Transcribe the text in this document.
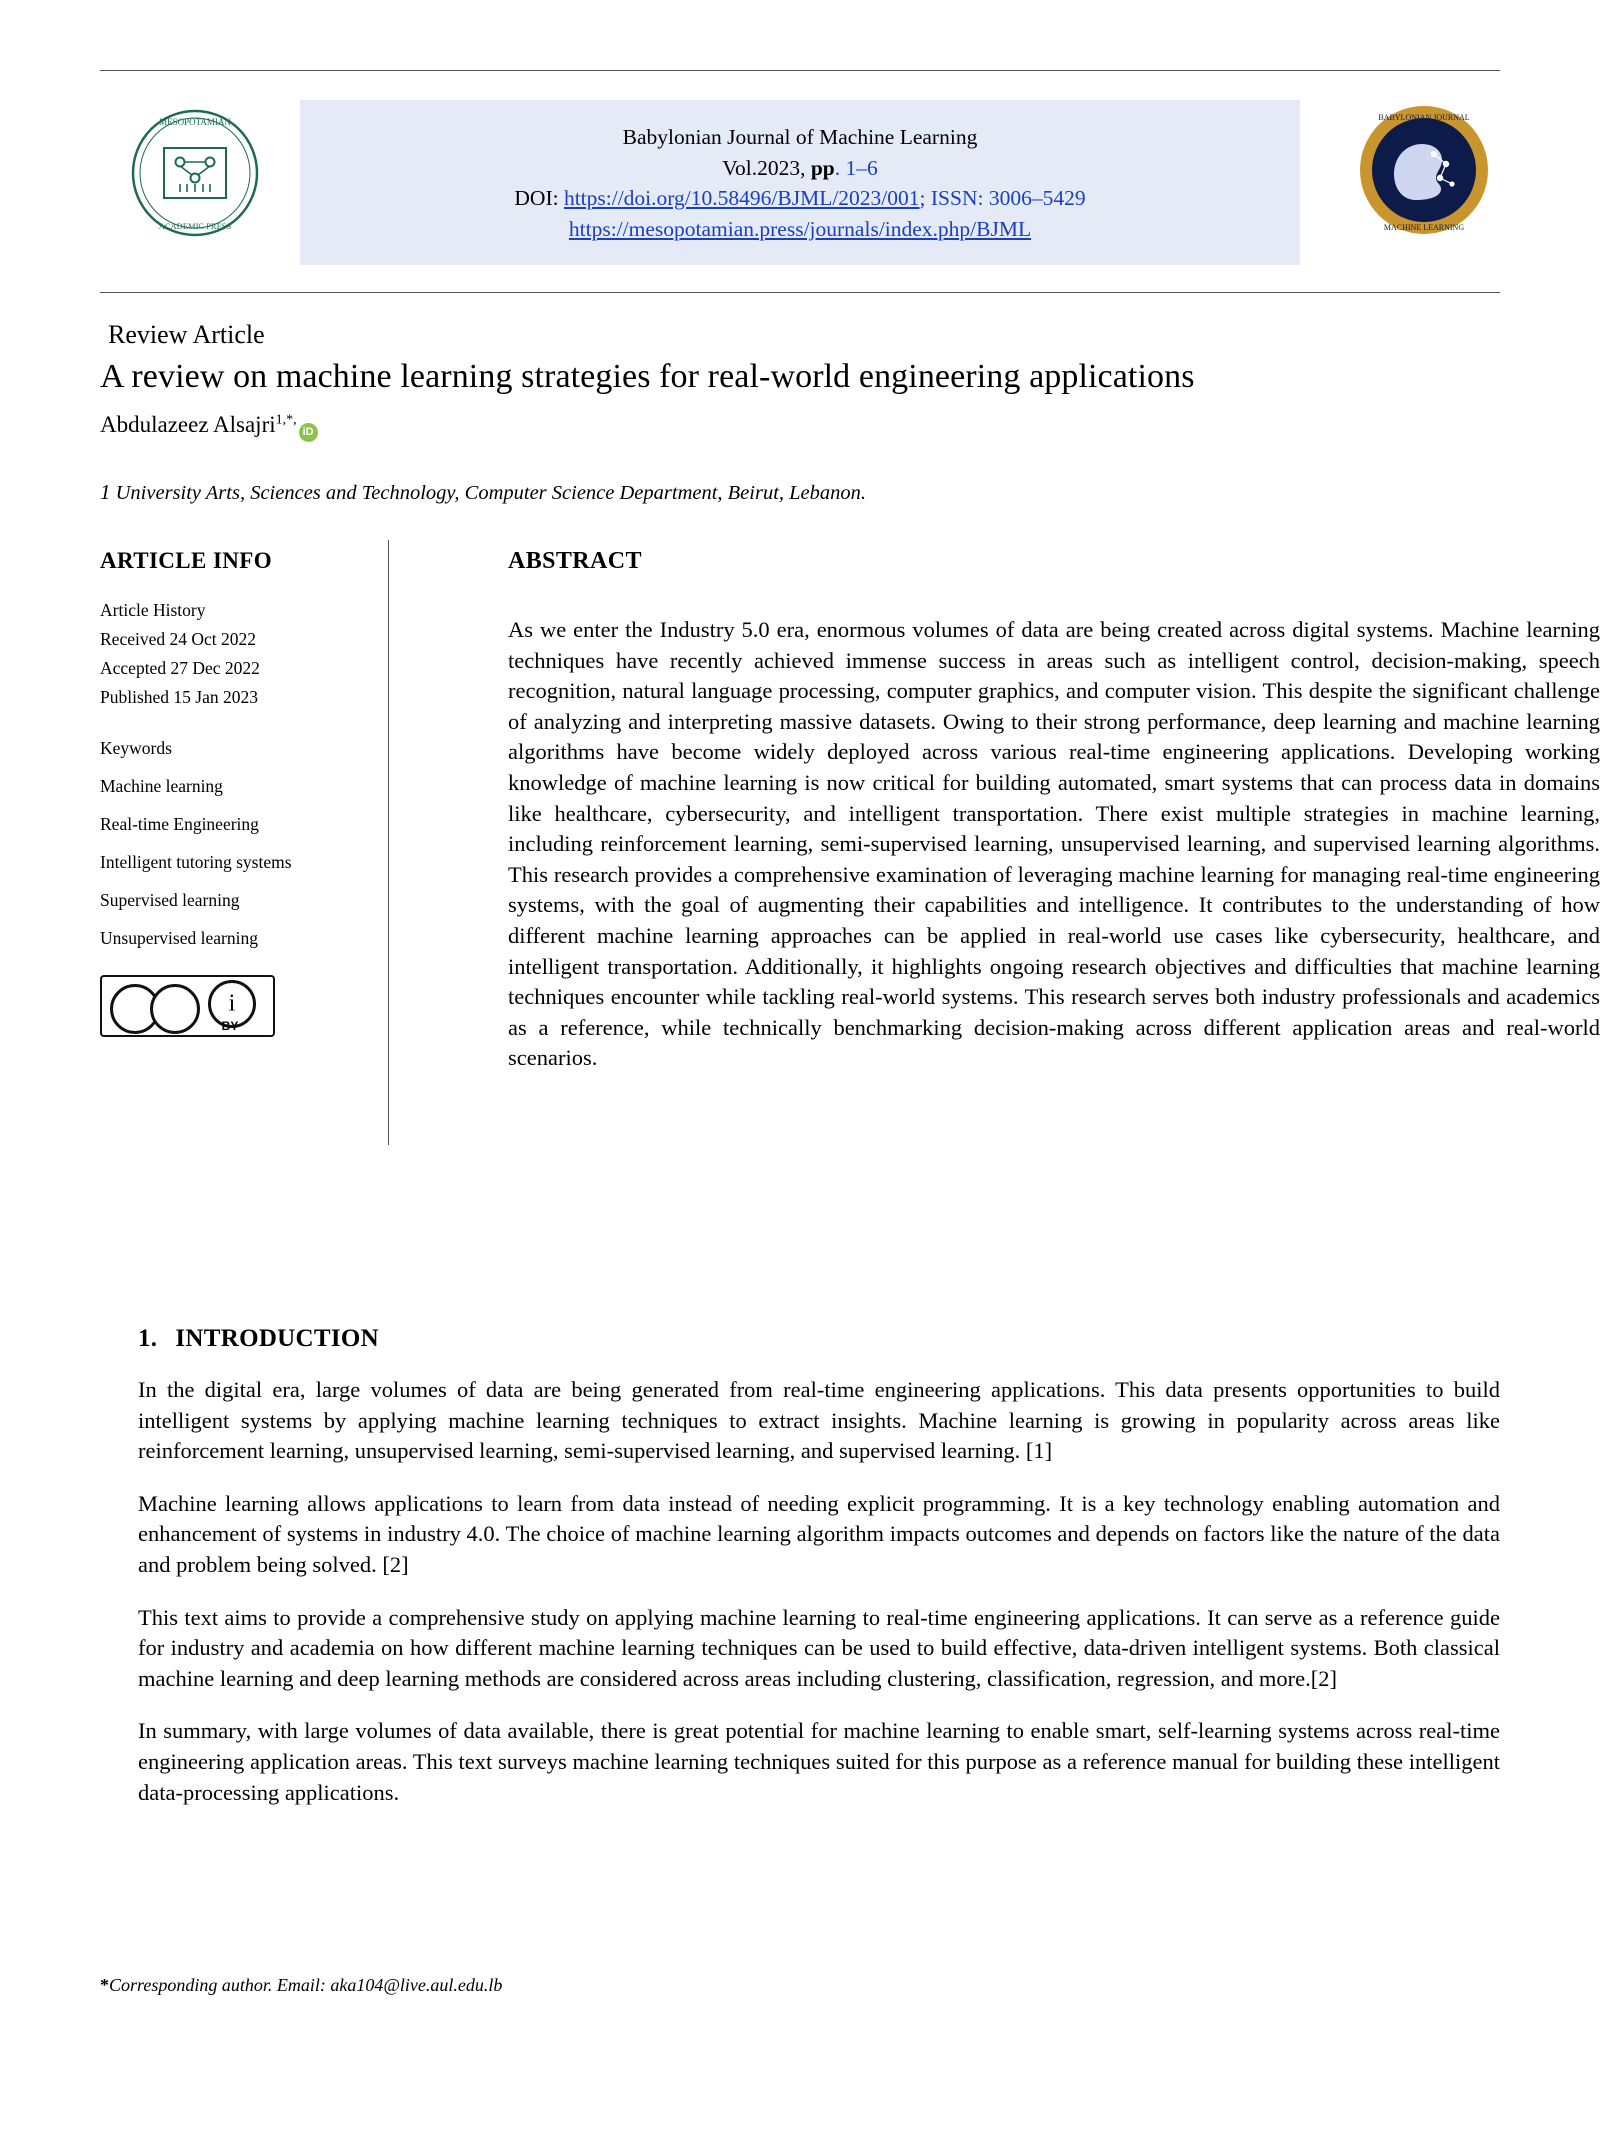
MESOPOTAMIAN
ACADEMIC PRESS
Babylonian Journal of Machine Learning
Vol.2023, pp. 1–6
DOI: https://doi.org/10.58496/BJML/2023/001; ISSN: 3006–5429
https://mesopotamian.press/journals/index.php/BJML
BABYLONIAN JOURNAL
MACHINE LEARNING
Review Article
A review on machine learning strategies for real-world engineering applications
Abdulazeez Alsajri$^{1,*,}$iD
1 University Arts, Sciences and Technology, Computer Science Department, Beirut, Lebanon.
ARTICLE INFO
Article History
Received 24 Oct 2022
Accepted 27 Dec 2022
Published 15 Jan 2023
Keywords
Machine learning
Real-time Engineering
Intelligent tutoring systems
Supervised learning
Unsupervised learning
i
BY
ABSTRACT
As we enter the Industry 5.0 era, enormous volumes of data are being created across digital systems. Machine learning techniques have recently achieved immense success in areas such as intelligent control, decision-making, speech recognition, natural language processing, computer graphics, and computer vision. This despite the significant challenge of analyzing and interpreting massive datasets. Owing to their strong performance, deep learning and machine learning algorithms have become widely deployed across various real-time engineering applications. Developing working knowledge of machine learning is now critical for building automated, smart systems that can process data in domains like healthcare, cybersecurity, and intelligent transportation. There exist multiple strategies in machine learning, including reinforcement learning, semi-supervised learning, unsupervised learning, and supervised learning algorithms. This research provides a comprehensive examination of leveraging machine learning for managing real-time engineering systems, with the goal of augmenting their capabilities and intelligence. It contributes to the understanding of how different machine learning approaches can be applied in real-world use cases like cybersecurity, healthcare, and intelligent transportation. Additionally, it highlights ongoing research objectives and difficulties that machine learning techniques encounter while tackling real-world systems. This research serves both industry professionals and academics as a reference, while technically benchmarking decision-making across different application areas and real-world scenarios.
1. INTRODUCTION

In the digital era, large volumes of data are being generated from real-time engineering applications. This data presents opportunities to build intelligent systems by applying machine learning techniques to extract insights. Machine learning is growing in popularity across areas like reinforcement learning, unsupervised learning, semi-supervised learning, and supervised learning. [1]

Machine learning allows applications to learn from data instead of needing explicit programming. It is a key technology enabling automation and enhancement of systems in industry 4.0. The choice of machine learning algorithm impacts outcomes and depends on factors like the nature of the data and problem being solved. [2]

This text aims to provide a comprehensive study on applying machine learning to real-time engineering applications. It can serve as a reference guide for industry and academia on how different machine learning techniques can be used to build effective, data-driven intelligent systems. Both classical machine learning and deep learning methods are considered across areas including clustering, classification, regression, and more.[2]

In summary, with large volumes of data available, there is great potential for machine learning to enable smart, self-learning systems across real-time engineering application areas. This text surveys machine learning techniques suited for this purpose as a reference manual for building these intelligent data-processing applications.

*Corresponding author. Email: aka104@live.aul.edu.lb
